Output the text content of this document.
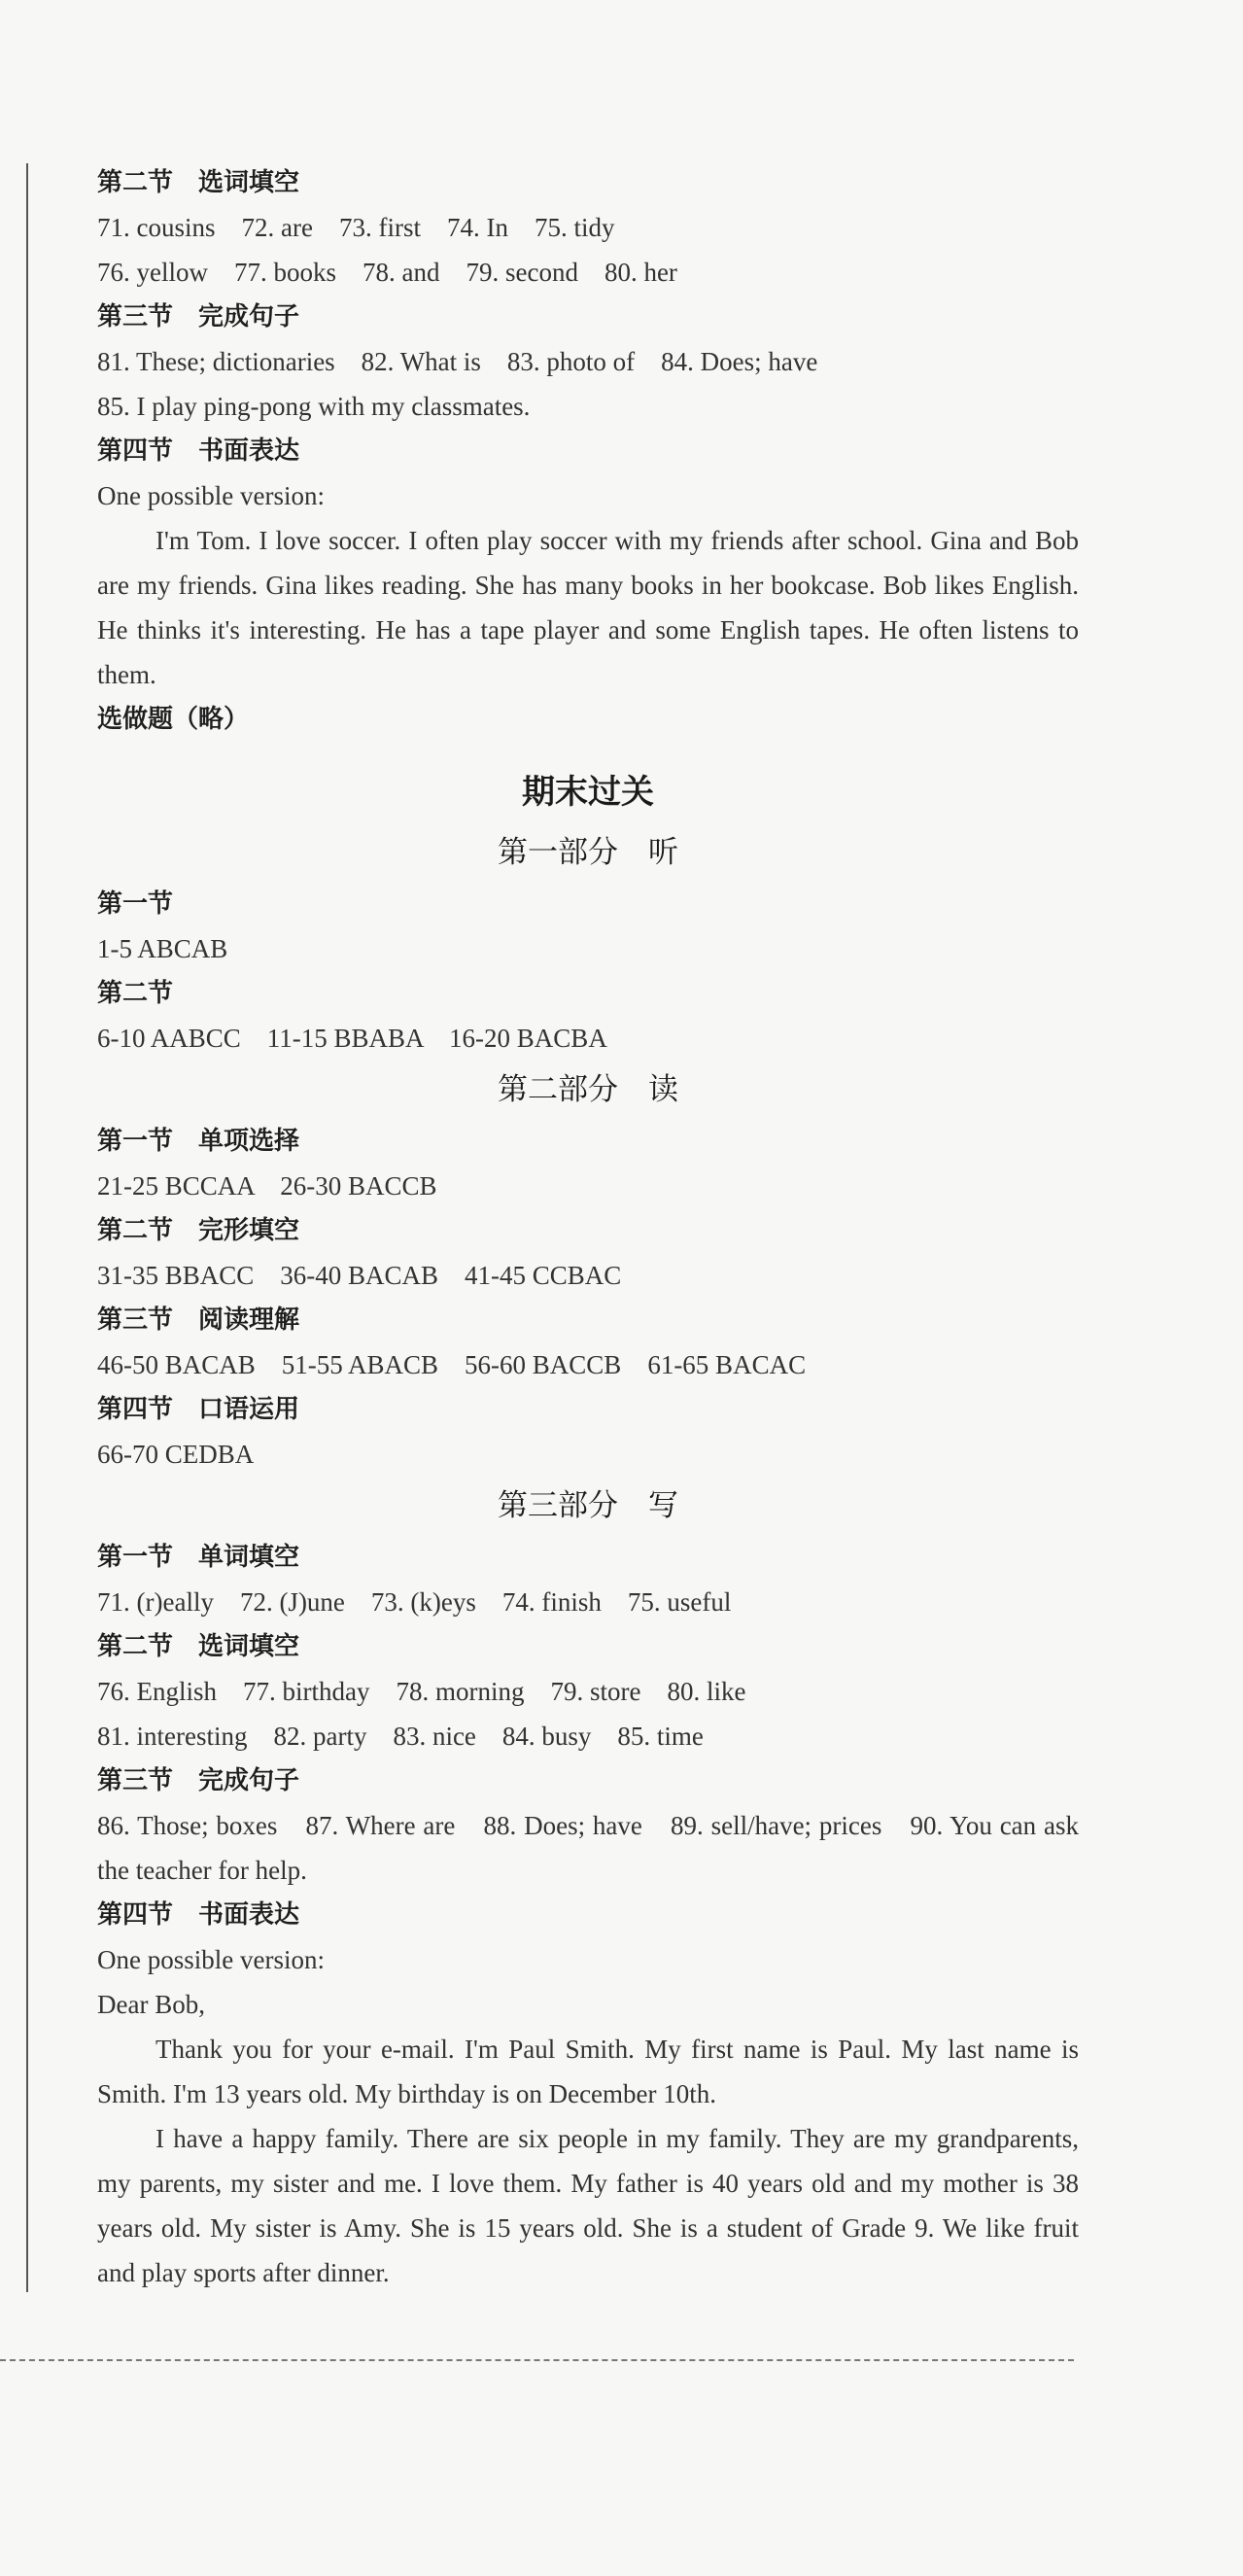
第二节　选词填空
71. cousins　72. are　73. first　74. In　75. tidy
76. yellow　77. books　78. and　79. second　80. her
第三节　完成句子
81. These; dictionaries　82. What is　83. photo of　84. Does; have
85. I play ping-pong with my classmates.
第四节　书面表达
One possible version:

I'm Tom. I love soccer. I often play soccer with my friends after school. Gina and Bob are my friends. Gina likes reading. She has many books in her bookcase. Bob likes English. He thinks it's interesting. He has a tape player and some English tapes. He often listens to them.

选做题（略）
期末过关
第一部分　听
第一节
1-5 ABCAB
第二节
6-10 AABCC　11-15 BBABA　16-20 BACBA
第二部分　读
第一节　单项选择
21-25 BCCAA　26-30 BACCB
第二节　完形填空
31-35 BBACC　36-40 BACAB　41-45 CCBAC
第三节　阅读理解
46-50 BACAB　51-55 ABACB　56-60 BACCB　61-65 BACAC
第四节　口语运用
66-70 CEDBA
第三部分　写
第一节　单词填空
71. (r)eally　72. (J)une　73. (k)eys　74. finish　75. useful
第二节　选词填空
76. English　77. birthday　78. morning　79. store　80. like
81. interesting　82. party　83. nice　84. busy　85. time
第三节　完成句子

86. Those; boxes　87. Where are　88. Does; have　89. sell/have; prices　90. You can ask the teacher for help.

第四节　书面表达
One possible version:
Dear Bob,

Thank you for your e-mail. I'm Paul Smith. My first name is Paul. My last name is Smith. I'm 13 years old. My birthday is on December 10th.

I have a happy family. There are six people in my family. They are my grandparents, my parents, my sister and me. I love them. My father is 40 years old and my mother is 38 years old. My sister is Amy. She is 15 years old. She is a student of Grade 9. We like fruit and play sports after dinner.
